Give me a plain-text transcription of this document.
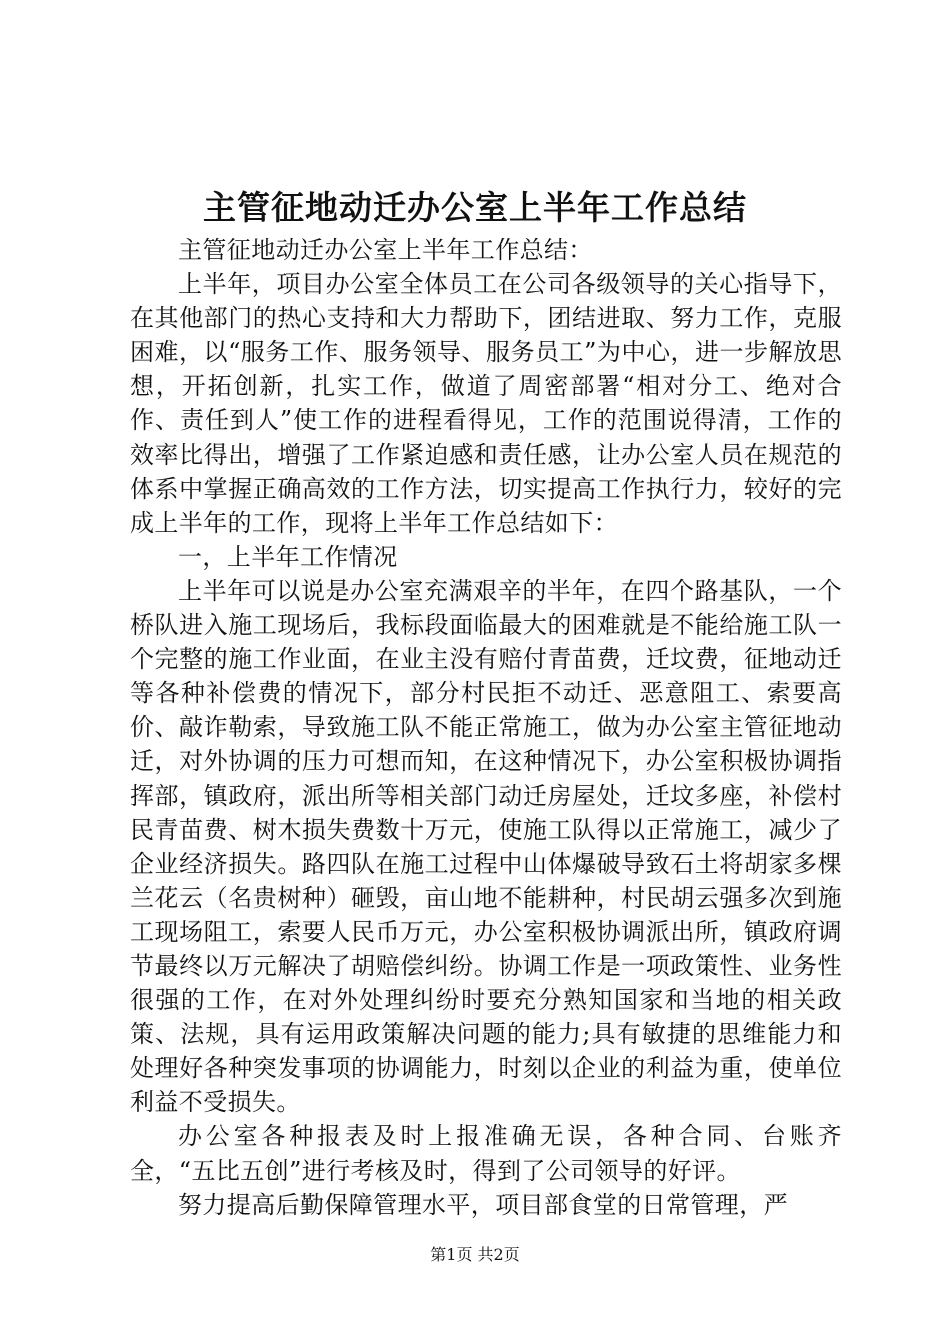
主管征地动迁办公室上半年工作总结

主管征地动迁办公室上半年工作总结：

上半年，项目办公室全体员工在公司各级领导的关心指导下，在其他部门的热心支持和大力帮助下，团结进取、努力工作，克服困难，以“服务工作、服务领导、服务员工”为中心，进一步解放思想，开拓创新，扎实工作，做道了周密部署“相对分工、绝对合作、责任到人”使工作的进程看得见，工作的范围说得清，工作的效率比得出，增强了工作紧迫感和责任感，让办公室人员在规范的体系中掌握正确高效的工作方法，切实提高工作执行力，较好的完成上半年的工作，现将上半年工作总结如下：

一，上半年工作情况

上半年可以说是办公室充满艰辛的半年，在四个路基队，一个桥队进入施工现场后，我标段面临最大的困难就是不能给施工队一个完整的施工作业面，在业主没有赔付青苗费，迁坟费，征地动迁等各种补偿费的情况下，部分村民拒不动迁、恶意阻工、索要高价、敲诈勒索，导致施工队不能正常施工，做为办公室主管征地动迁，对外协调的压力可想而知，在这种情况下，办公室积极协调指挥部，镇政府，派出所等相关部门动迁房屋处，迁坟多座，补偿村民青苗费、树木损失费数十万元，使施工队得以正常施工，减少了企业经济损失。路四队在施工过程中山体爆破导致石土将胡家多棵兰花云（名贵树种）砸毁，亩山地不能耕种，村民胡云强多次到施工现场阻工，索要人民币万元，办公室积极协调派出所，镇政府调节最终以万元解决了胡赔偿纠纷。协调工作是一项政策性、业务性很强的工作，在对外处理纠纷时要充分熟知国家和当地的相关政策、法规，具有运用政策解决问题的能力;具有敏捷的思维能力和处理好各种突发事项的协调能力，时刻以企业的利益为重，使单位利益不受损失。

办公室各种报表及时上报准确无误，各种合同、台账齐全，“五比五创”进行考核及时，得到了公司领导的好评。

努力提高后勤保障管理水平，项目部食堂的日常管理，严

第1页 共2页
